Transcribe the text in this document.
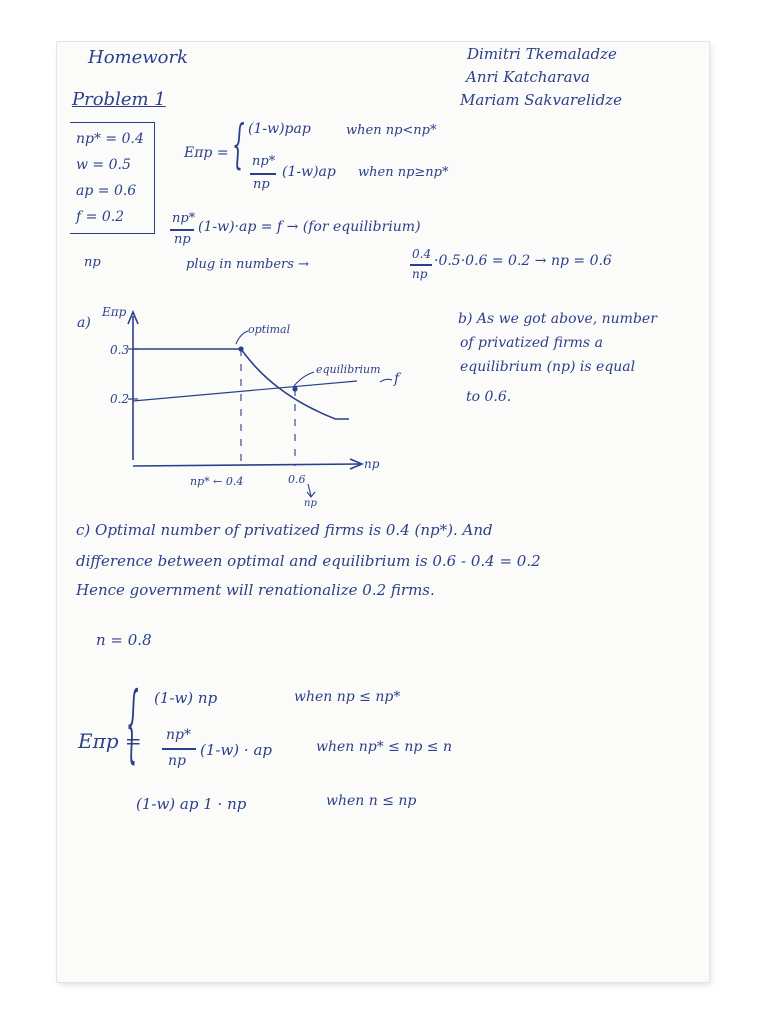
Homework
Problem 1
Dimitri Tkemaladze
Anri Katcharava
Mariam Sakvarelidze
np* = 0.4
w = 0.5
ap = 0.6
f = 0.2
np
Eπp = { (1-w)pap	when np<np*
np*
np
(1-w)ap when np≥np*
np*
np
(1-w)·ap = f → (for equilibrium)
plug in numbers →
0.4
np
·0.5·0.6 = 0.2 → np = 0.6
a)
Eπp
0.3
0.2
np
np* ← 0.4	0.6
np
optimal
equilibrium
f
b) As we got above, number
of privatized firms a
equilibrium (np) is equal
to 0.6.
c) Optimal number of privatized firms is 0.4 (np*). And
difference between optimal and equilibrium is 0.6 - 0.4 = 0.2
Hence government will renationalize 0.2 firms.
n = 0.8
Eπp =
{ (1-w) np	when np ≤ np*
np*
np
(1-w) · ap	when np* ≤ np ≤ n
(1-w) ap 1 · np	when n ≤ np
